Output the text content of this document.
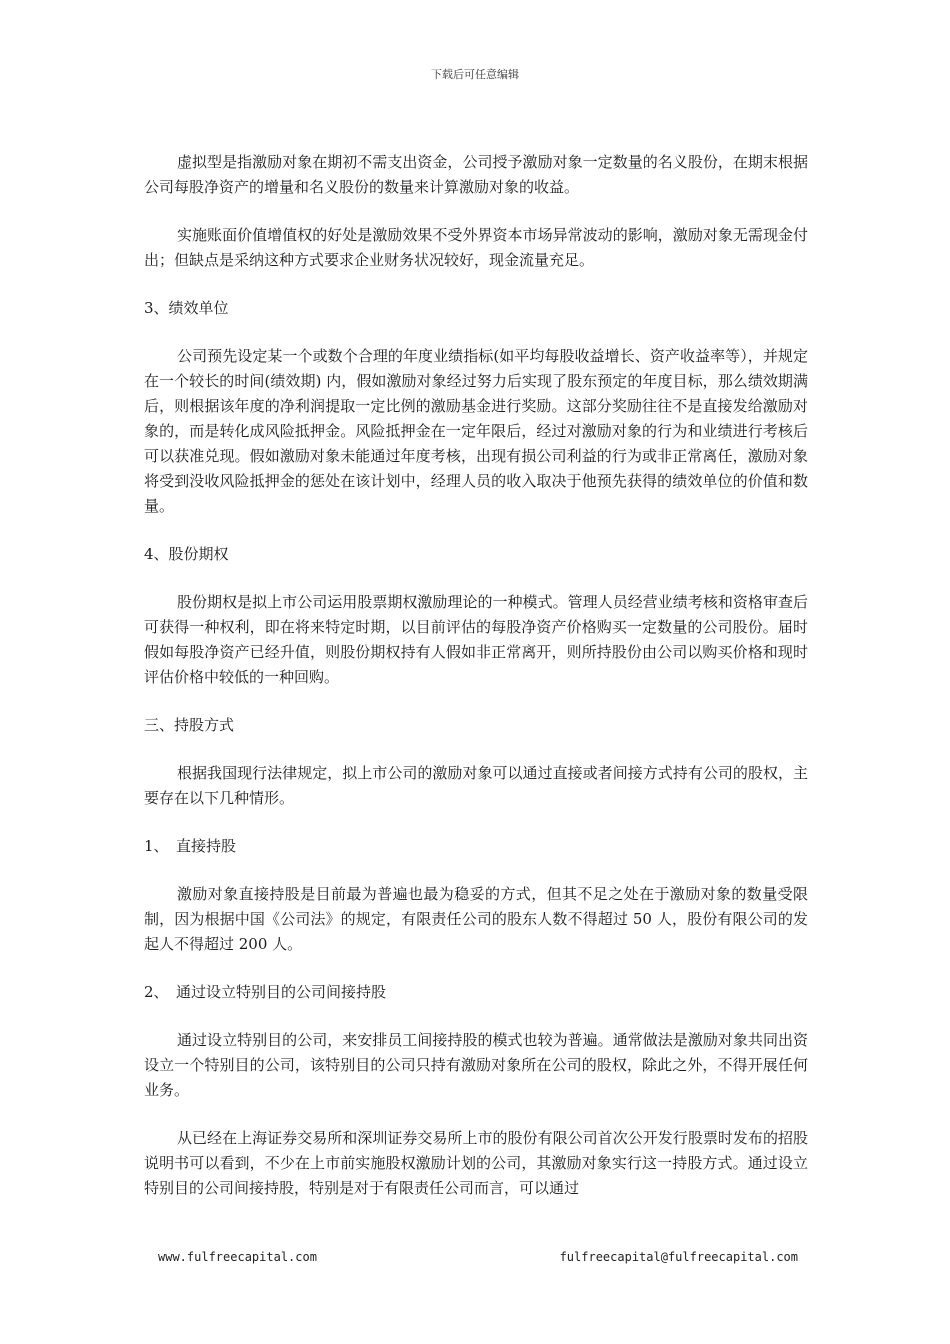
下载后可任意编辑

虚拟型是指激励对象在期初不需支出资金，公司授予激励对象一定数量的名义股份，在期末根据公司每股净资产的增量和名义股份的数量来计算激励对象的收益。

实施账面价值增值权的好处是激励效果不受外界资本市场异常波动的影响，激励对象无需现金付出；但缺点是采纳这种方式要求企业财务状况较好，现金流量充足。

3、绩效单位

公司预先设定某一个或数个合理的年度业绩指标(如平均每股收益增长、资产收益率等），并规定在一个较长的时间(绩效期) 内，假如激励对象经过努力后实现了股东预定的年度目标，那么绩效期满后，则根据该年度的净利润提取一定比例的激励基金进行奖励。这部分奖励往往不是直接发给激励对象的，而是转化成风险抵押金。风险抵押金在一定年限后，经过对激励对象的行为和业绩进行考核后可以获准兑现。假如激励对象未能通过年度考核，出现有损公司利益的行为或非正常离任，激励对象将受到没收风险抵押金的惩处在该计划中，经理人员的收入取决于他预先获得的绩效单位的价值和数量。

4、股份期权

股份期权是拟上市公司运用股票期权激励理论的一种模式。管理人员经营业绩考核和资格审查后可获得一种权利，即在将来特定时期，以目前评估的每股净资产价格购买一定数量的公司股份。届时假如每股净资产已经升值，则股份期权持有人假如非正常离开，则所持股份由公司以购买价格和现时评估价格中较低的一种回购。

三、持股方式

根据我国现行法律规定，拟上市公司的激励对象可以通过直接或者间接方式持有公司的股权，主要存在以下几种情形。

1、　直接持股

激励对象直接持股是目前最为普遍也最为稳妥的方式，但其不足之处在于激励对象的数量受限制，因为根据中国《公司法》的规定，有限责任公司的股东人数不得超过 50 人，股份有限公司的发起人不得超过 200 人。

2、　通过设立特别目的公司间接持股

通过设立特别目的公司，来安排员工间接持股的模式也较为普遍。通常做法是激励对象共同出资设立一个特别目的公司，该特别目的公司只持有激励对象所在公司的股权，除此之外，不得开展任何业务。

从已经在上海证券交易所和深圳证券交易所上市的股份有限公司首次公开发行股票时发布的招股说明书可以看到，不少在上市前实施股权激励计划的公司，其激励对象实行这一持股方式。通过设立特别目的公司间接持股，特别是对于有限责任公司而言，可以通过

www.fulfreecapital.com	fulfreecapital@fulfreecapital.com
